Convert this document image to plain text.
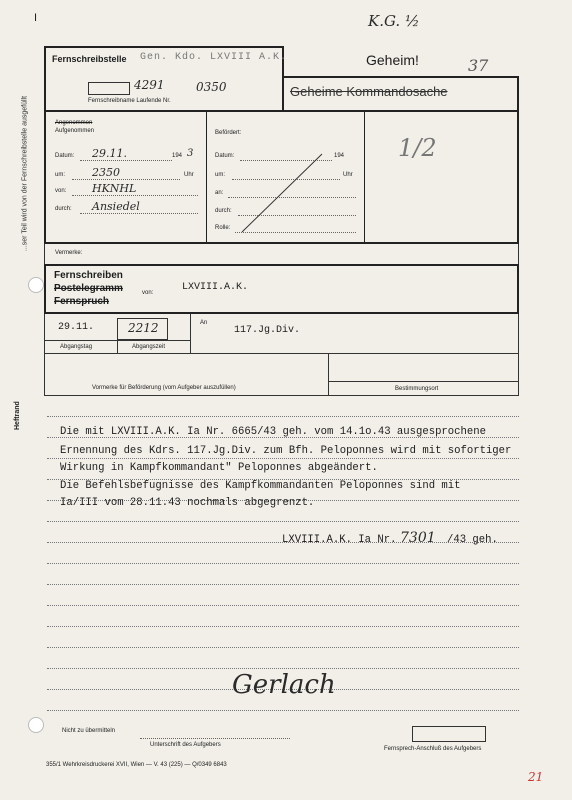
...ser Teil wird von der Fernschreibstelle ausgefüllt
Heftrand
I	K.G. ½
37
Fernschreibstelle Gen. Kdo. LXVIII A.K.
4291	0350
Fernschreibname Laufende Nr.
Geheim!
Geheime Kommandosache
Angenommen
Aufgenommen
Datum: 29.11.	194 3
um: 2350	Uhr
von: HKNHL
durch: Ansiedel
Befördert:
Datum:	194
um:	Uhr
an:
durch:
Rolle:
1/2
Vermerke:
Fernschreiben
Postelegramm
Fernspruch
von:	LXVIII.A.K.
29.11.	2212
Abgangstag	Abgangszeit
An
117.Jg.Div.
Vormerke für Beförderung (vom Aufgeber auszufüllen)	Bestimmungsort
Die mit LXVIII.A.K. Ia Nr. 6665/43 geh. vom 14.1o.43 ausgesprochene
Ernennung des Kdrs. 117.Jg.Div. zum Bfh. Peloponnes wird mit sofortiger
Wirkung in Kampfkommandant" Peloponnes abgeändert.
Die Befehlsbefugnisse des Kampfkommandanten Peloponnes sind mit
Ia/III vom 28.11.43 nochmals abgegrenzt.
LXVIII.A.K. Ia Nr. 7301 /43 geh.
Gerlach
Nicht zu übermitteln
Unterschrift des Aufgebers
Fernsprech-Anschluß des Aufgebers
355/1 Wehrkreisdruckerei XVII, Wien — V. 43 (225) — Q/0349 6843
21
